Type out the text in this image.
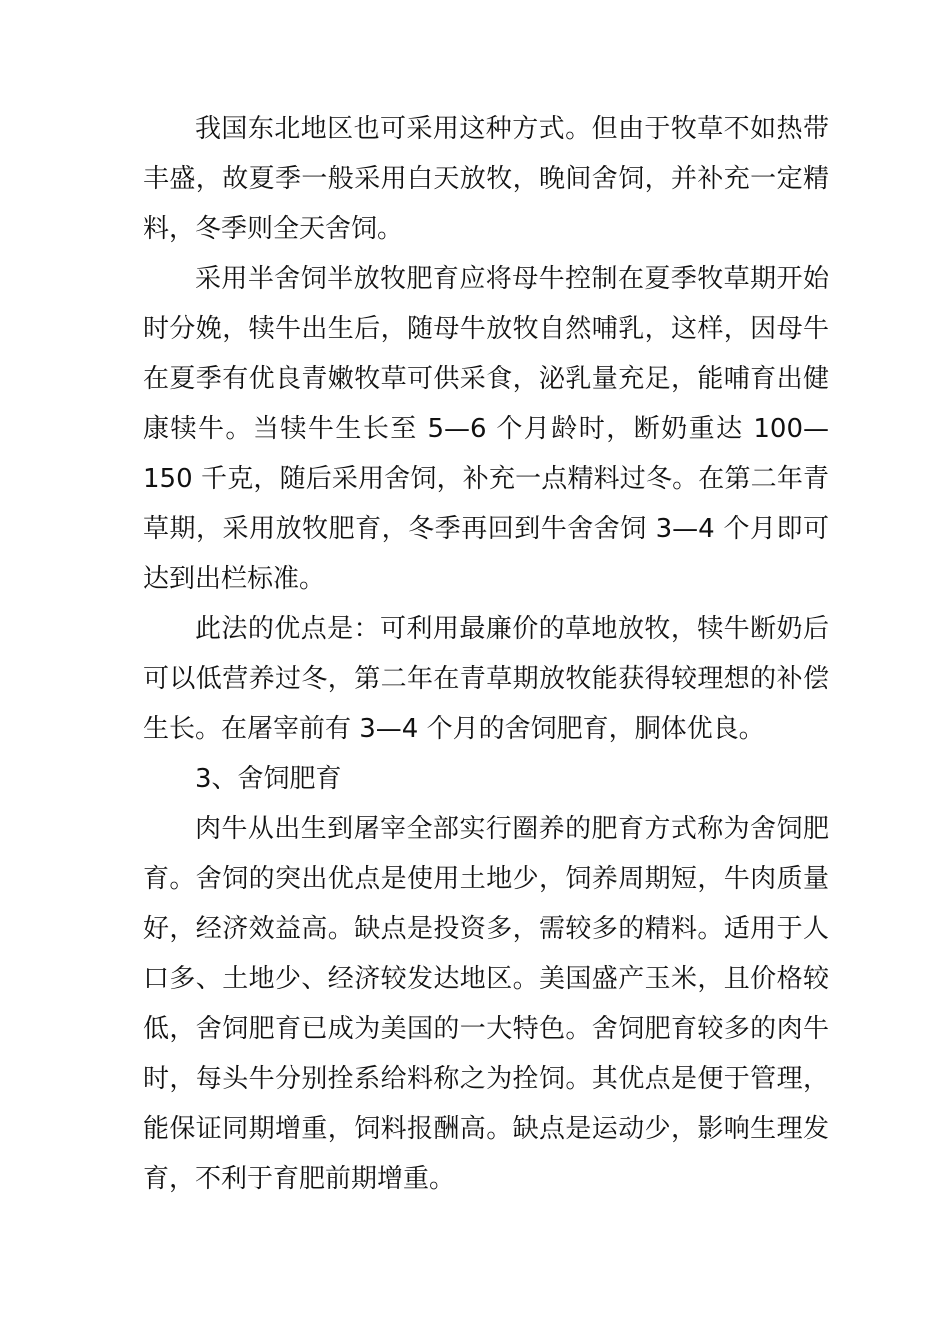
我国东北地区也可采用这种方式。但由于牧草不如热带丰盛，故夏季一般采用白天放牧，晚间舍饲，并补充一定精料，冬季则全天舍饲。

采用半舍饲半放牧肥育应将母牛控制在夏季牧草期开始时分娩，犊牛出生后，随母牛放牧自然哺乳，这样，因母牛在夏季有优良青嫩牧草可供采食，泌乳量充足，能哺育出健康犊牛。当犊牛生长至 5—6 个月龄时，断奶重达 100—150 千克，随后采用舍饲，补充一点精料过冬。在第二年青草期，采用放牧肥育，冬季再回到牛舍舍饲 3—4 个月即可达到出栏标准。

此法的优点是：可利用最廉价的草地放牧，犊牛断奶后可以低营养过冬，第二年在青草期放牧能获得较理想的补偿生长。在屠宰前有 3—4 个月的舍饲肥育，胴体优良。

3、舍饲肥育

肉牛从出生到屠宰全部实行圈养的肥育方式称为舍饲肥育。舍饲的突出优点是使用土地少，饲养周期短，牛肉质量好，经济效益高。缺点是投资多，需较多的精料。适用于人口多、土地少、经济较发达地区。美国盛产玉米，且价格较低，舍饲肥育已成为美国的一大特色。舍饲肥育较多的肉牛时，每头牛分别拴系给料称之为拴饲。其优点是便于管理，能保证同期增重，饲料报酬高。缺点是运动少，影响生理发育，不利于育肥前期增重。
